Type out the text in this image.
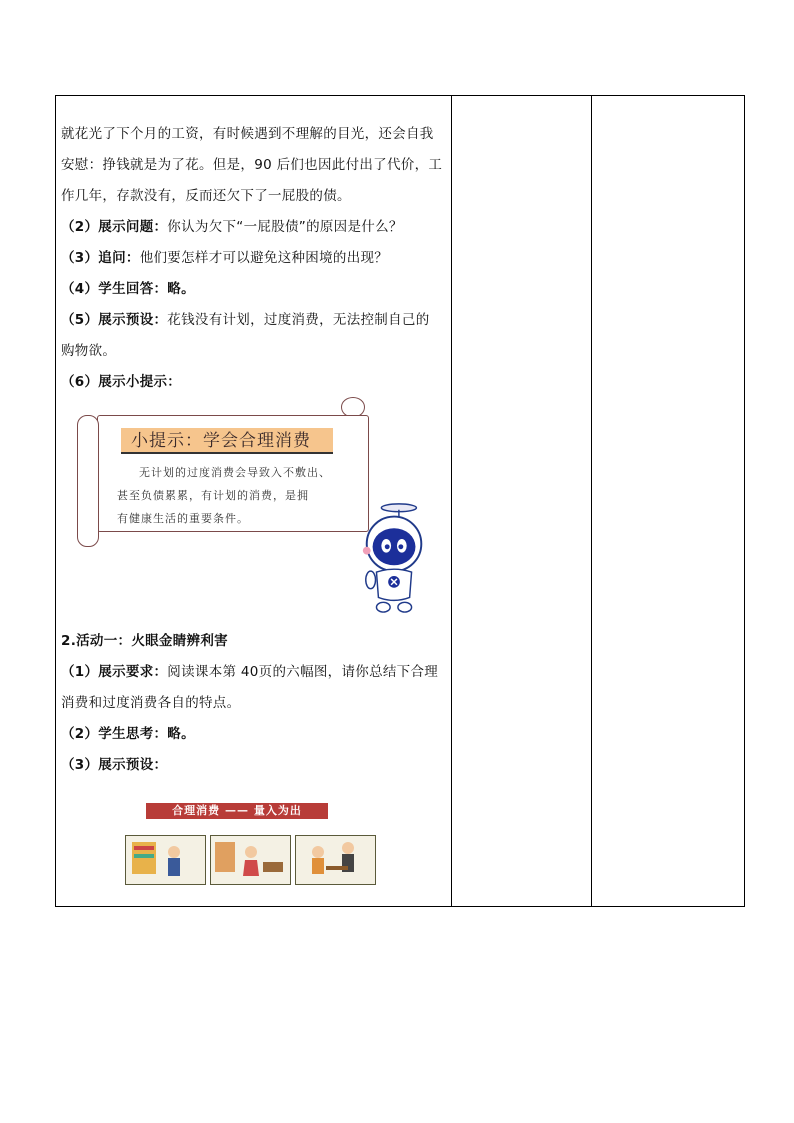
就花光了下个月的工资，有时候遇到不理解的目光，还会自我

安慰：挣钱就是为了花。但是，90 后们也因此付出了代价，工

作几年，存款没有，反而还欠下了一屁股的债。

（2）展示问题：你认为欠下“一屁股债”的原因是什么？

（3）追问：他们要怎样才可以避免这种困境的出现？

（4）学生回答：略。

（5）展示预设：花钱没有计划，过度消费，无法控制自己的

购物欲。

（6）展示小提示：

小提示：学会合理消费
无计划的过度消费会导致入不敷出、
甚至负债累累，有计划的消费，是拥
有健康生活的重要条件。

2.活动一：火眼金睛辨利害

（1）展示要求：阅读课本第 40页的六幅图，请你总结下合理

消费和过度消费各自的特点。

（2）学生思考：略。

（3）展示预设：

合理消费 —— 量入为出
